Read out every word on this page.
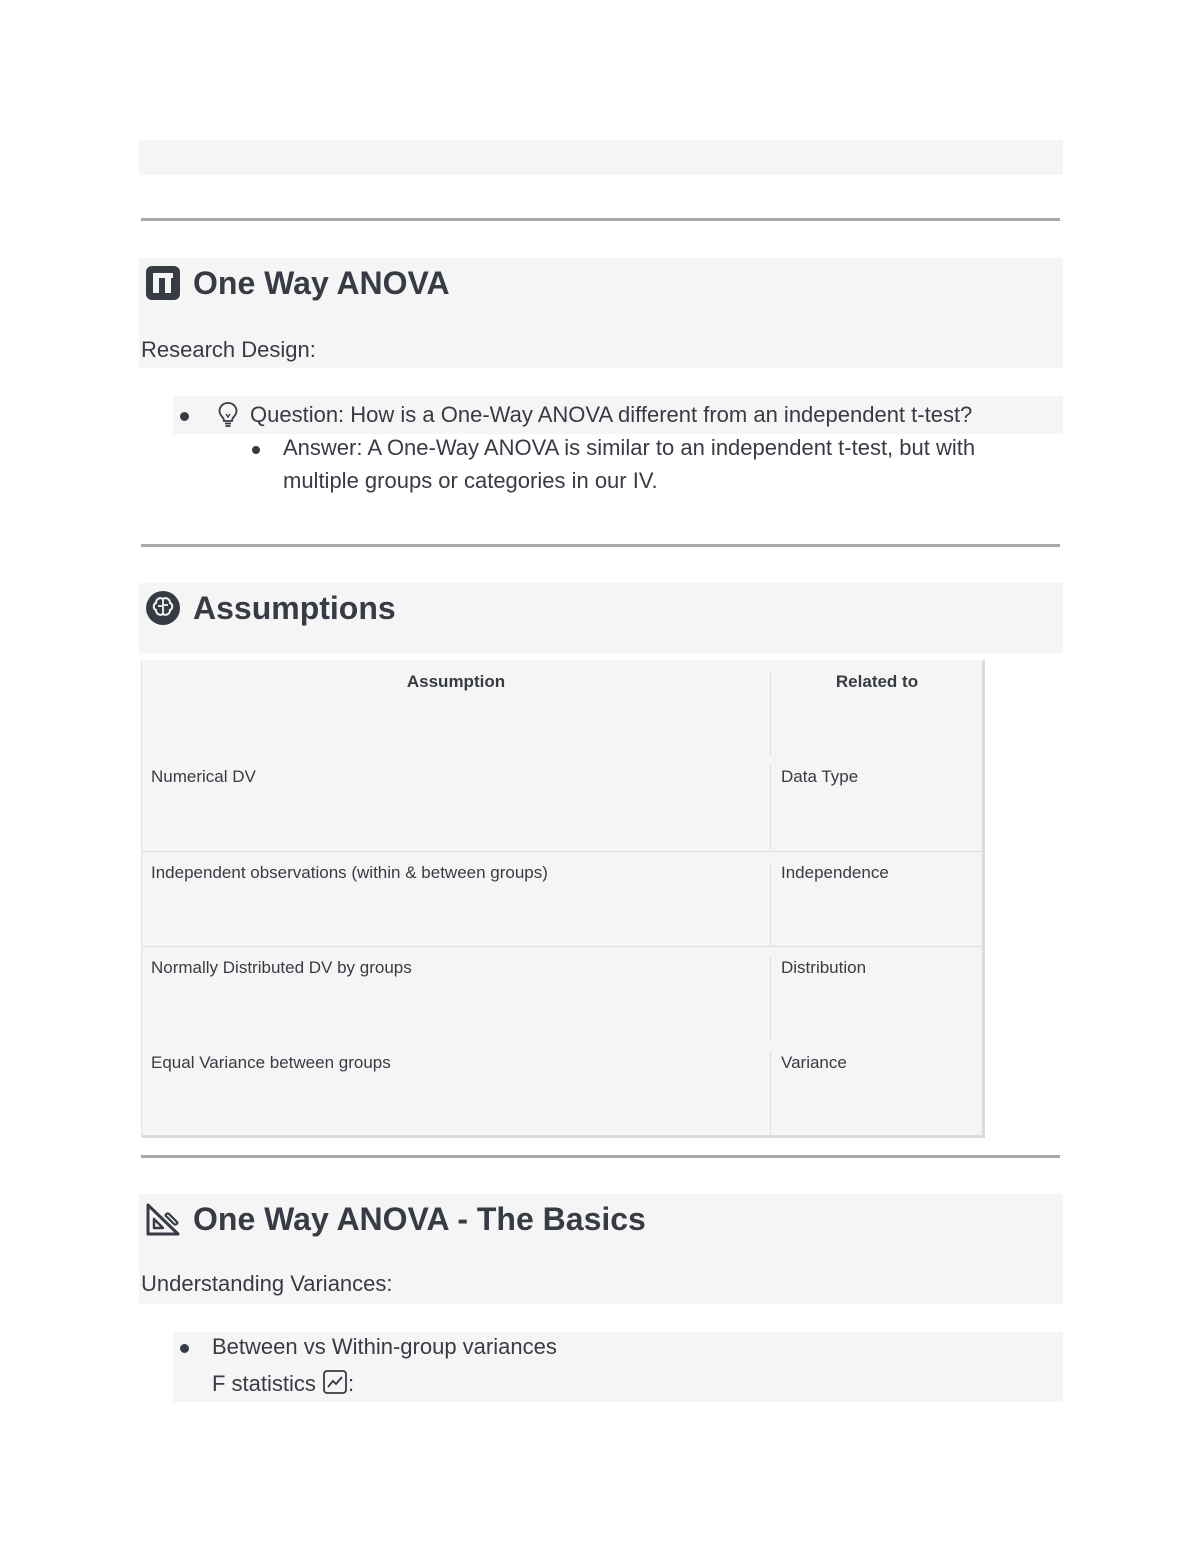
One Way ANOVA
Research Design:
Question: How is a One-Way ANOVA different from an independent t-test?
Answer: A One-Way ANOVA is similar to an independent t-test, but with
multiple groups or categories in our IV.
Assumptions
Assumption	Related to
Numerical DV	Data Type
Independent observations (within & between groups)	Independence
Normally Distributed DV by groups	Distribution
Equal Variance between groups	Variance
One Way ANOVA - The Basics
Understanding Variances:
Between vs Within-group variances
F statistics :
